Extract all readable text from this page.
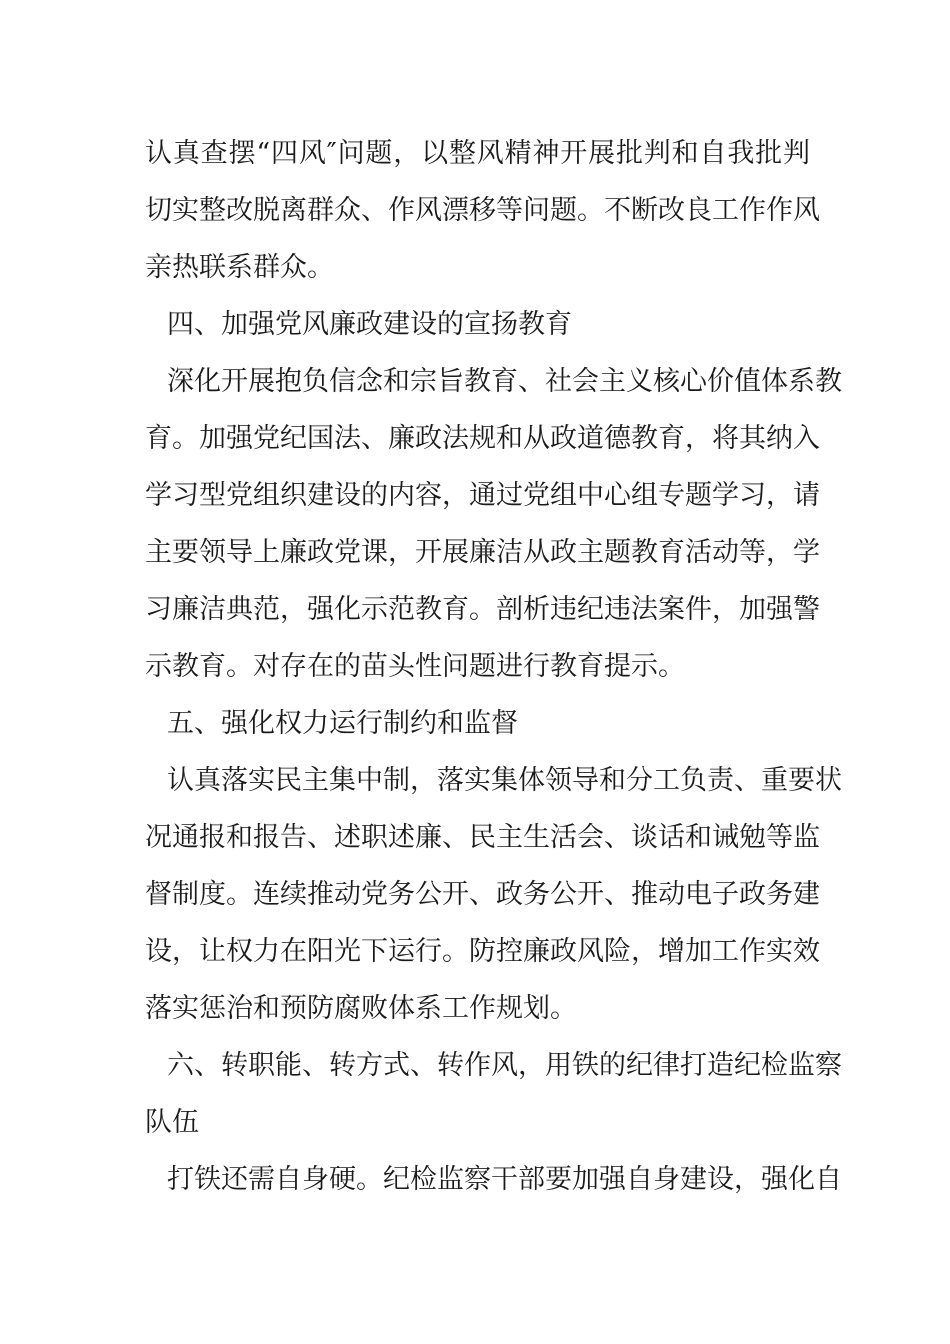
认真查摆“四风″问题，以整风精神开展批判和自我批判
切实整改脱离群众、作风漂移等问题。不断改良工作作风
亲热联系群众。
四、加强党风廉政建设的宣扬教育
深化开展抱负信念和宗旨教育、社会主义核心价值体系教
育。加强党纪国法、廉政法规和从政道德教育，将其纳入
学习型党组织建设的内容，通过党组中心组专题学习，请
主要领导上廉政党课，开展廉洁从政主题教育活动等，学
习廉洁典范，强化示范教育。剖析违纪违法案件，加强警
示教育。对存在的苗头性问题进行教育提示。
五、强化权力运行制约和监督
认真落实民主集中制，落实集体领导和分工负责、重要状
况通报和报告、述职述廉、民主生活会、谈话和诫勉等监
督制度。连续推动党务公开、政务公开、推动电子政务建
设，让权力在阳光下运行。防控廉政风险，增加工作实效
落实惩治和预防腐败体系工作规划。
六、转职能、转方式、转作风，用铁的纪律打造纪检监察
队伍
打铁还需自身硬。纪检监察干部要加强自身建设，强化自
